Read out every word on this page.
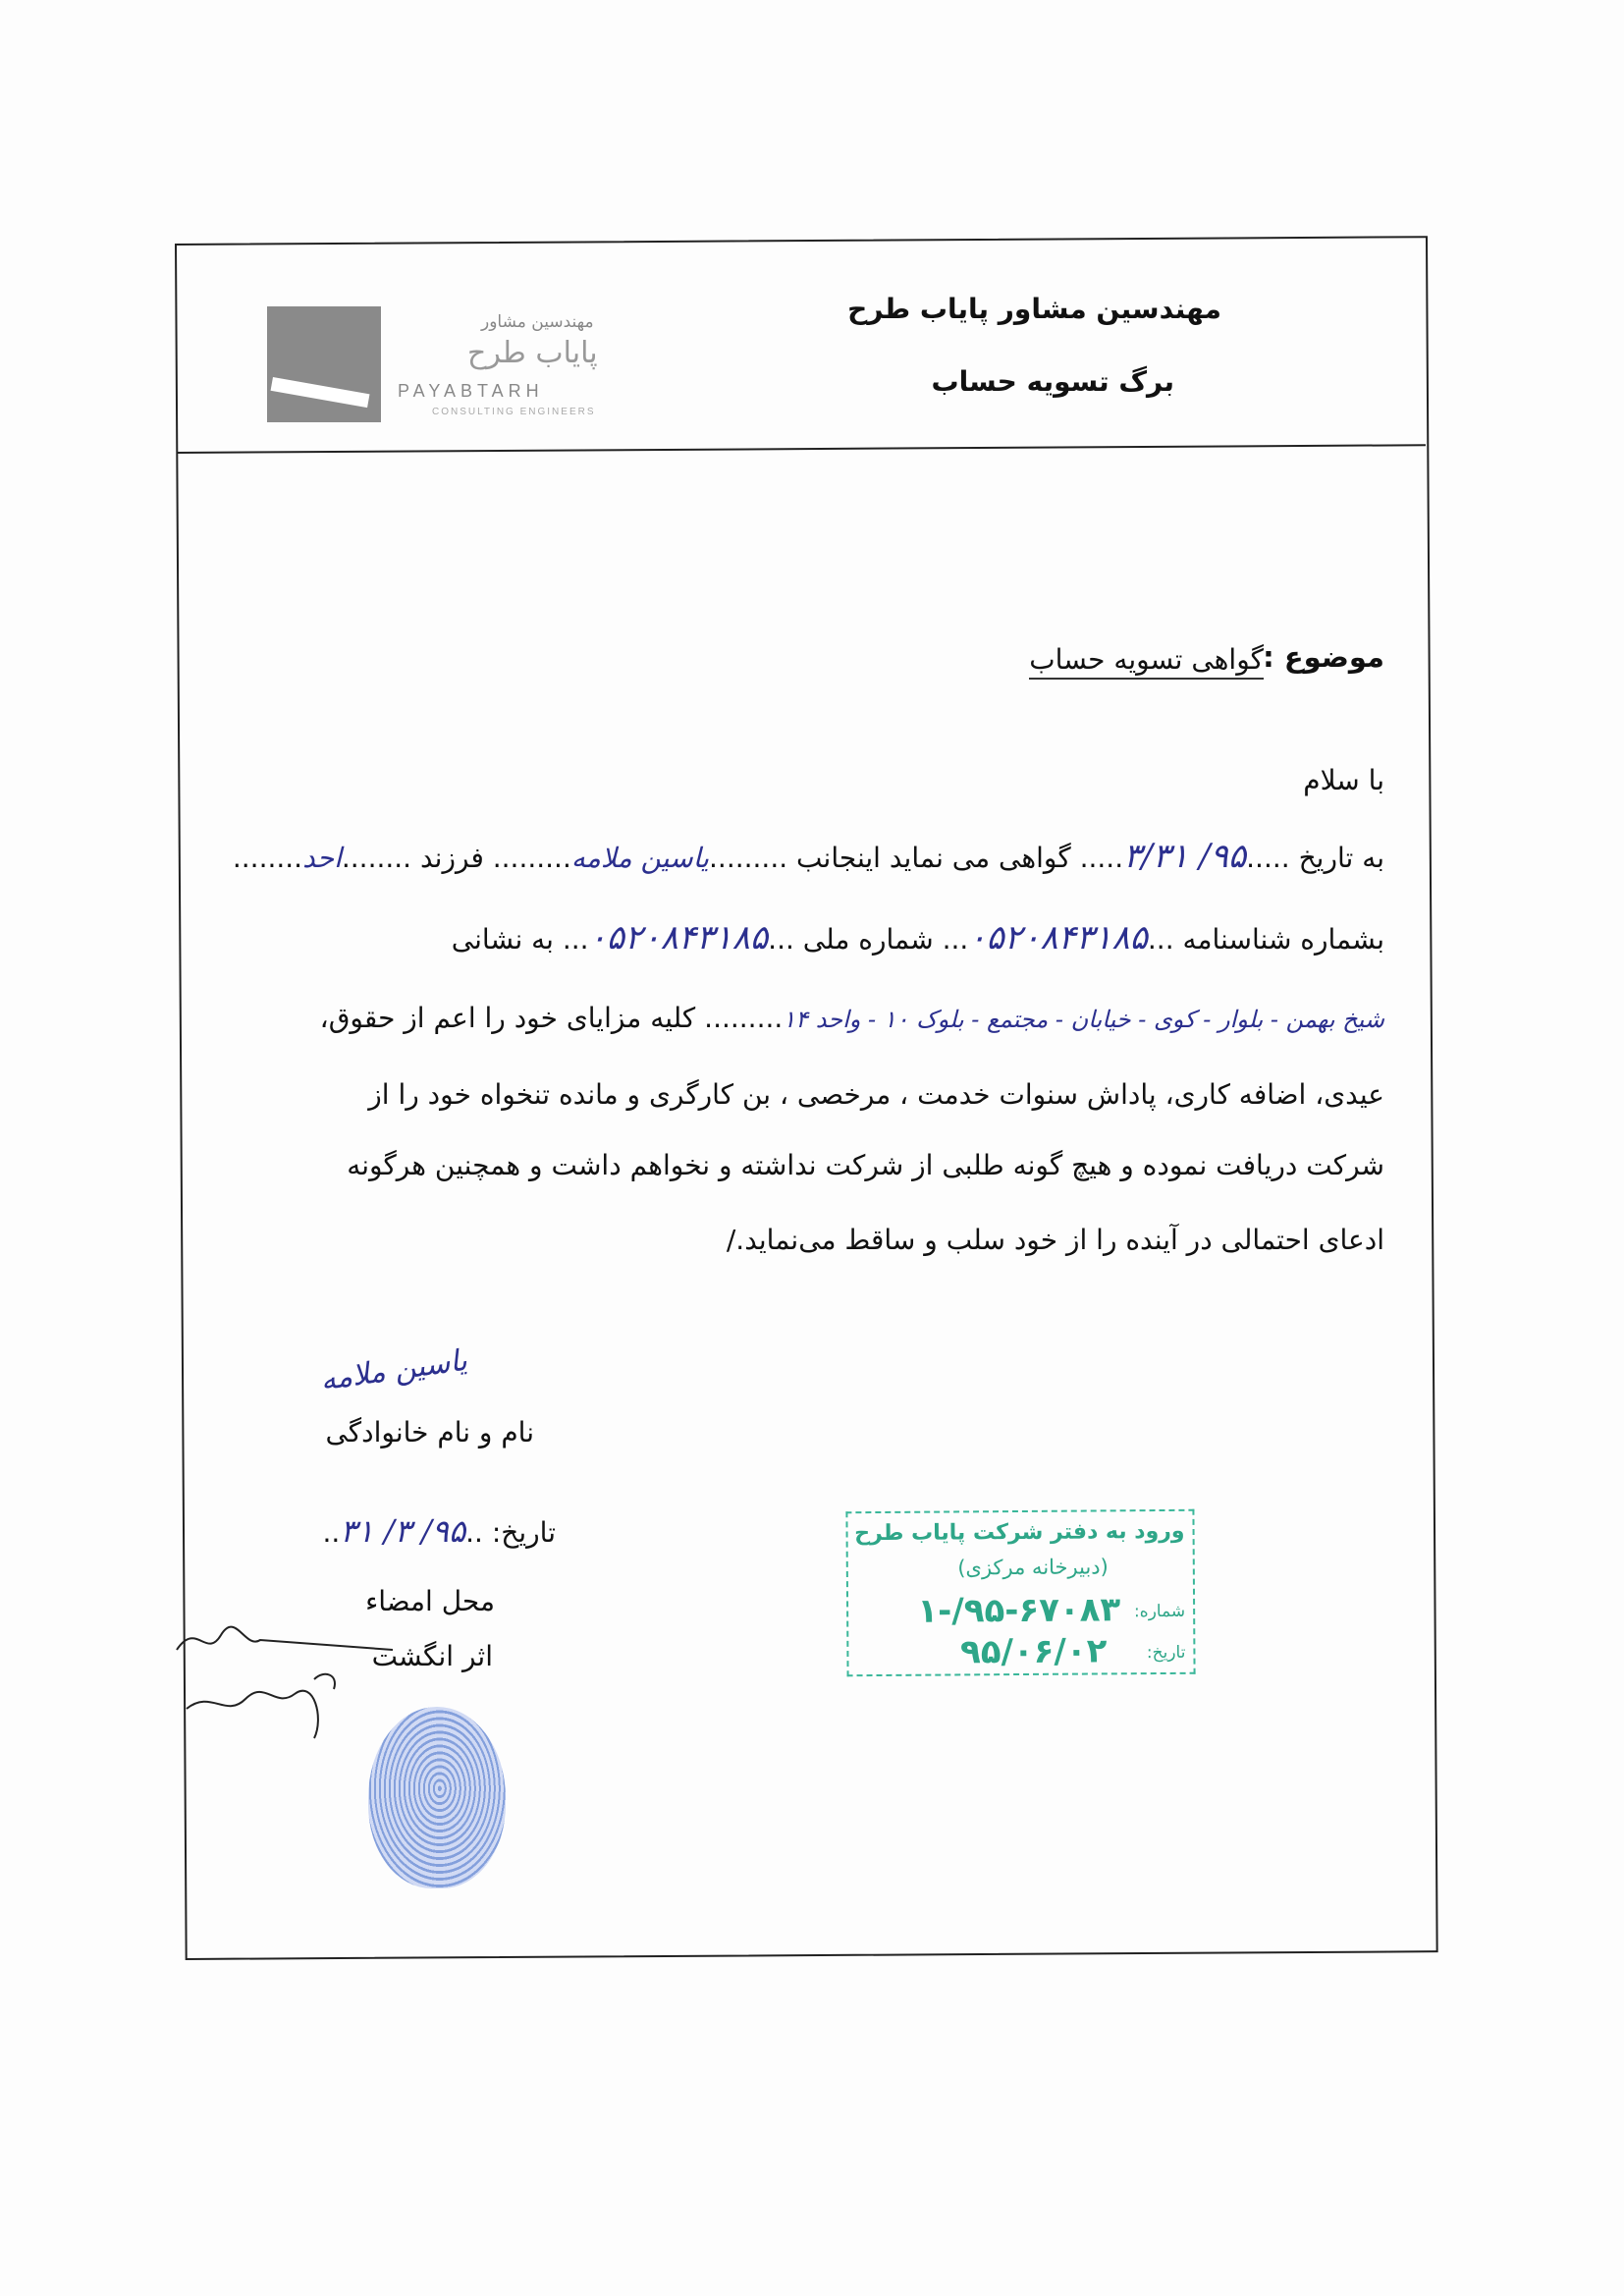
مهندسین مشاور
پایاب طرح
PAYABTARH
CONSULTING ENGINEERS
مهندسین مشاور پایاب طرح
برگ تسویه حساب
موضوع :
گواهی تسویه حساب
با سلام
به تاریخ .....۹۵/ ۳/۳۱..... گواهی می نماید اینجانب .........یاسین ملامه......... فرزند ........احد........
بشماره شناسنامه ...۰۵۲۰۸۴۳۱۸۵... شماره ملی ...۰۵۲۰۸۴۳۱۸۵... به نشانی
شیخ بهمن - بلوار - کوی - خیابان - مجتمع - بلوک ۱۰ - واحد ۱۴......... کلیه مزایای خود را اعم از حقوق،
عیدی، اضافه کاری، پاداش سنوات خدمت ، مرخصی ، بن کارگری و مانده تنخواه خود را از
شرکت دریافت نموده و هیچ گونه طلبی از شرکت نداشته و نخواهم داشت و همچنین هرگونه
ادعای احتمالی در آینده را از خود سلب و ساقط می‌نماید./
یاسین ملامه
نام و نام خانوادگی
تاریخ: ..۹۵/ ۳/ ۳۱..
محل امضاء
اثر انگشت
ورود به دفتر شرکت پایاب طرح
(دبیرخانه مرکزی)
شماره:
۱-/۹۵-۶۷۰۸۳
تاریخ:
۹۵/۰۶/۰۲
